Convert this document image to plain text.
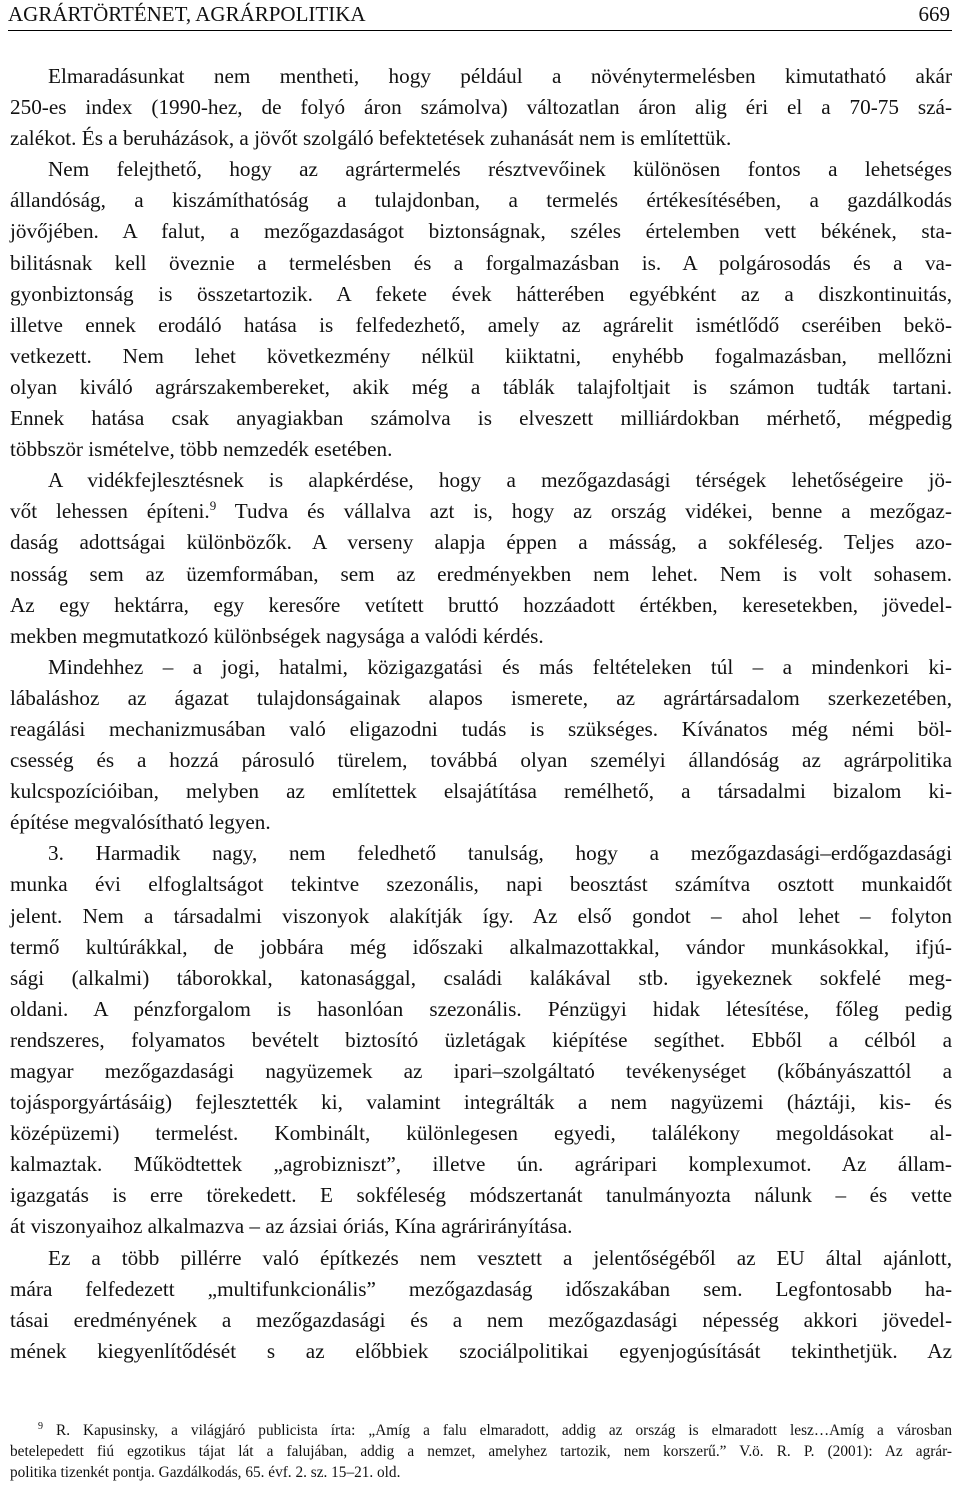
AGRÁRTÖRTÉNET, AGRÁRPOLITIKA	669
Elmaradásunkat nem mentheti, hogy például a növénytermelésben kimutatható akár
250-es index (1990-hez, de folyó áron számolva) változatlan áron alig éri el a 70-75 szá-
zalékot. És a beruházások, a jövőt szolgáló befektetések zuhanását nem is említettük.
Nem felejthető, hogy az agrártermelés résztvevőinek különösen fontos a lehetséges
állandóság, a kiszámíthatóság a tulajdonban, a termelés értékesítésében, a gazdálkodás
jövőjében. A falut, a mezőgazdaságot biztonságnak, széles értelemben vett békének, sta-
bilitásnak kell öveznie a termelésben és a forgalmazásban is. A polgárosodás és a va-
gyonbiztonság is összetartozik. A fekete évek hátterében egyébként az a diszkontinuitás,
illetve ennek erodáló hatása is felfedezhető, amely az agrárelit ismétlődő cseréiben bekö-
vetkezett. Nem lehet következmény nélkül kiiktatni, enyhébb fogalmazásban, mellőzni
olyan kiváló agrárszakembereket, akik még a táblák talajfoltjait is számon tudták tartani.
Ennek hatása csak anyagiakban számolva is elveszett milliárdokban mérhető, mégpedig
többször ismételve, több nemzedék esetében.
A vidékfejlesztésnek is alapkérdése, hogy a mezőgazdasági térségek lehetőségeire jö-
vőt lehessen építeni.$^9$ Tudva és vállalva azt is, hogy az ország vidékei, benne a mezőgaz-
daság adottságai különbözők. A verseny alapja éppen a másság, a sokféleség. Teljes azo-
nosság sem az üzemformában, sem az eredményekben nem lehet. Nem is volt sohasem.
Az egy hektárra, egy keresőre vetített bruttó hozzáadott értékben, keresetekben, jövedel-
mekben megmutatkozó különbségek nagysága a valódi kérdés.
Mindehhez – a jogi, hatalmi, közigazgatási és más feltételeken túl – a mindenkori ki-
lábaláshoz az ágazat tulajdonságainak alapos ismerete, az agrártársadalom szerkezetében,
reagálási mechanizmusában való eligazodni tudás is szükséges. Kívánatos még némi böl-
csesség és a hozzá párosuló türelem, továbbá olyan személyi állandóság az agrárpolitika
kulcspozícióiban, melyben az említettek elsajátítása remélhető, a társadalmi bizalom ki-
építése megvalósítható legyen.
3. Harmadik nagy, nem feledhető tanulság, hogy a mezőgazdasági–erdőgazdasági
munka évi elfoglaltságot tekintve szezonális, napi beosztást számítva osztott munkaidőt
jelent. Nem a társadalmi viszonyok alakítják így. Az első gondot – ahol lehet – folyton
termő kultúrákkal, de jobbára még időszaki alkalmazottakkal, vándor munkásokkal, ifjú-
sági (alkalmi) táborokkal, katonasággal, családi kalákával stb. igyekeznek sokfelé meg-
oldani. A pénzforgalom is hasonlóan szezonális. Pénzügyi hidak létesítése, főleg pedig
rendszeres, folyamatos bevételt biztosító üzletágak kiépítése segíthet. Ebből a célból a
magyar mezőgazdasági nagyüzemek az ipari–szolgáltató tevékenységet (kőbányászattól a
tojásporgyártásáig) fejlesztették ki, valamint integrálták a nem nagyüzemi (háztáji, kis- és
középüzemi) termelést. Kombinált, különlegesen egyedi, találékony megoldásokat al-
kalmaztak. Működtettek „agrobiznisztˮ, illetve ún. agráripari komplexumot. Az állam-
igazgatás is erre törekedett. E sokféleség módszertanát tanulmányozta nálunk – és vette
át viszonyaihoz alkalmazva – az ázsiai óriás, Kína agrárirányítása.
Ez a több pillérre való építkezés nem vesztett a jelentőségéből az EU által ajánlott,
mára felfedezett „multifunkcionálisˮ mezőgazdaság időszakában sem. Legfontosabb ha-
tásai eredményének a mezőgazdasági és a nem mezőgazdasági népesség akkori jövedel-
mének kiegyenlítődését s az előbbiek szociálpolitikai egyenjogúsítását tekinthetjük. Az
$^9$ R. Kapusinsky, a világjáró publicista írta: „Amíg a falu elmaradott, addig az ország is elmaradott lesz…Amíg a városban
betelepedett fiú egzotikus tájat lát a falujában, addig a nemzet, amelyhez tartozik, nem korszerű.ˮ V.ö. R. P. (2001): Az agrár-
politika tizenkét pontja. Gazdálkodás, 65. évf. 2. sz. 15–21. old.
